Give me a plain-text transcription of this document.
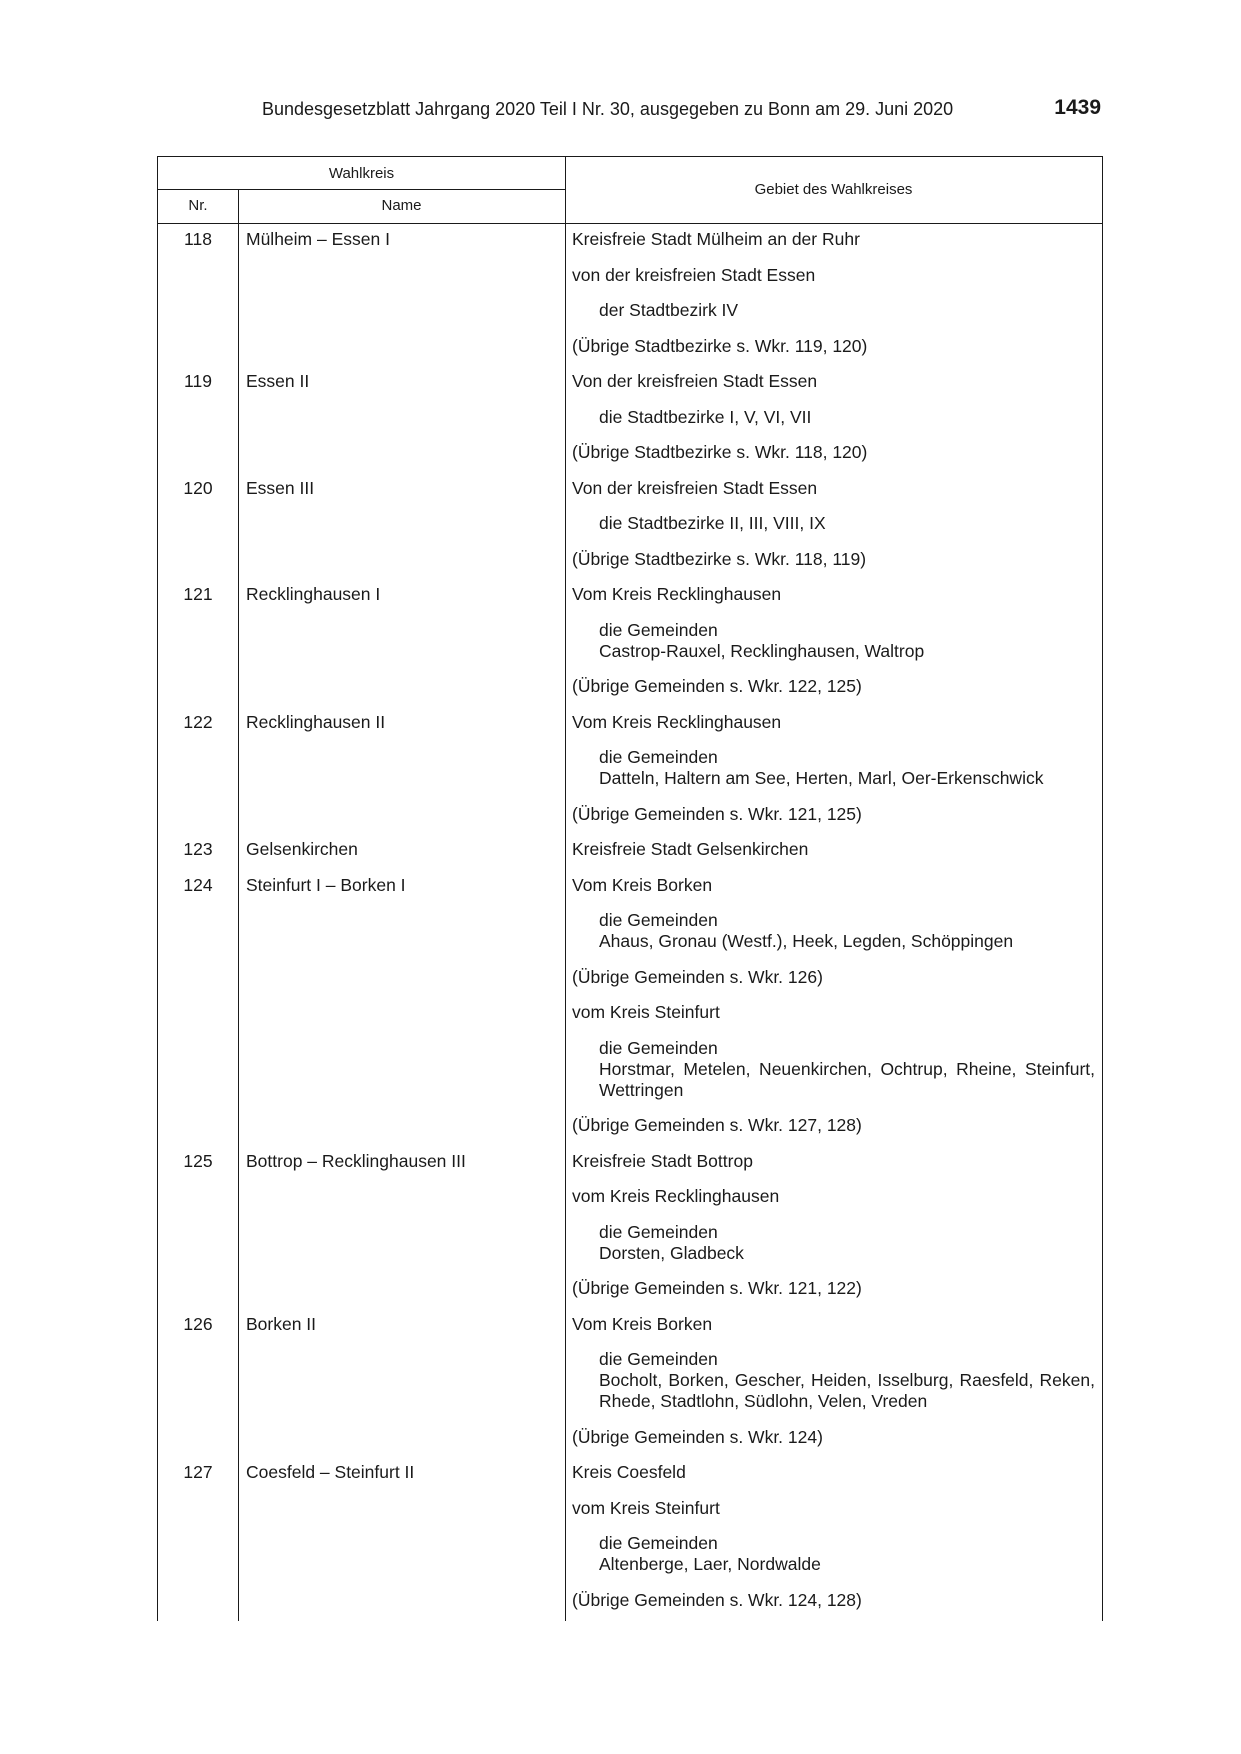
Bundesgesetzblatt Jahrgang 2020 Teil I Nr. 30, ausgegeben zu Bonn am 29. Juni 2020	1439
Wahlkreis
Nr.	Name
Gebiet des Wahlkreises
118	Mülheim – Essen I	Kreisfreie Stadt Mülheim an der Ruhr
von der kreisfreien Stadt Essen
der Stadtbezirk IV
(Übrige Stadtbezirke s. Wkr. 119, 120)
119	Essen II	Von der kreisfreien Stadt Essen
die Stadtbezirke I, V, VI, VII
(Übrige Stadtbezirke s. Wkr. 118, 120)
120	Essen III	Von der kreisfreien Stadt Essen
die Stadtbezirke II, III, VIII, IX
(Übrige Stadtbezirke s. Wkr. 118, 119)
121	Recklinghausen I	Vom Kreis Recklinghausen
die Gemeinden
Castrop-Rauxel, Recklinghausen, Waltrop
(Übrige Gemeinden s. Wkr. 122, 125)
122	Recklinghausen II	Vom Kreis Recklinghausen
die Gemeinden
Datteln, Haltern am See, Herten, Marl, Oer-Erkenschwick
(Übrige Gemeinden s. Wkr. 121, 125)
123	Gelsenkirchen	Kreisfreie Stadt Gelsenkirchen
124	Steinfurt I – Borken I	Vom Kreis Borken
die Gemeinden
Ahaus, Gronau (Westf.), Heek, Legden, Schöppingen
(Übrige Gemeinden s. Wkr. 126)
vom Kreis Steinfurt
die Gemeinden
Horstmar, Metelen, Neuenkirchen, Ochtrup, Rheine, Steinfurt, Wettringen
(Übrige Gemeinden s. Wkr. 127, 128)
125	Bottrop – Recklinghausen III	Kreisfreie Stadt Bottrop
vom Kreis Recklinghausen
die Gemeinden
Dorsten, Gladbeck
(Übrige Gemeinden s. Wkr. 121, 122)
126	Borken II	Vom Kreis Borken
die Gemeinden
Bocholt, Borken, Gescher, Heiden, Isselburg, Raesfeld, Reken, Rhede, Stadtlohn, Südlohn, Velen, Vreden
(Übrige Gemeinden s. Wkr. 124)
127	Coesfeld – Steinfurt II	Kreis Coesfeld
vom Kreis Steinfurt
die Gemeinden
Altenberge, Laer, Nordwalde
(Übrige Gemeinden s. Wkr. 124, 128)
